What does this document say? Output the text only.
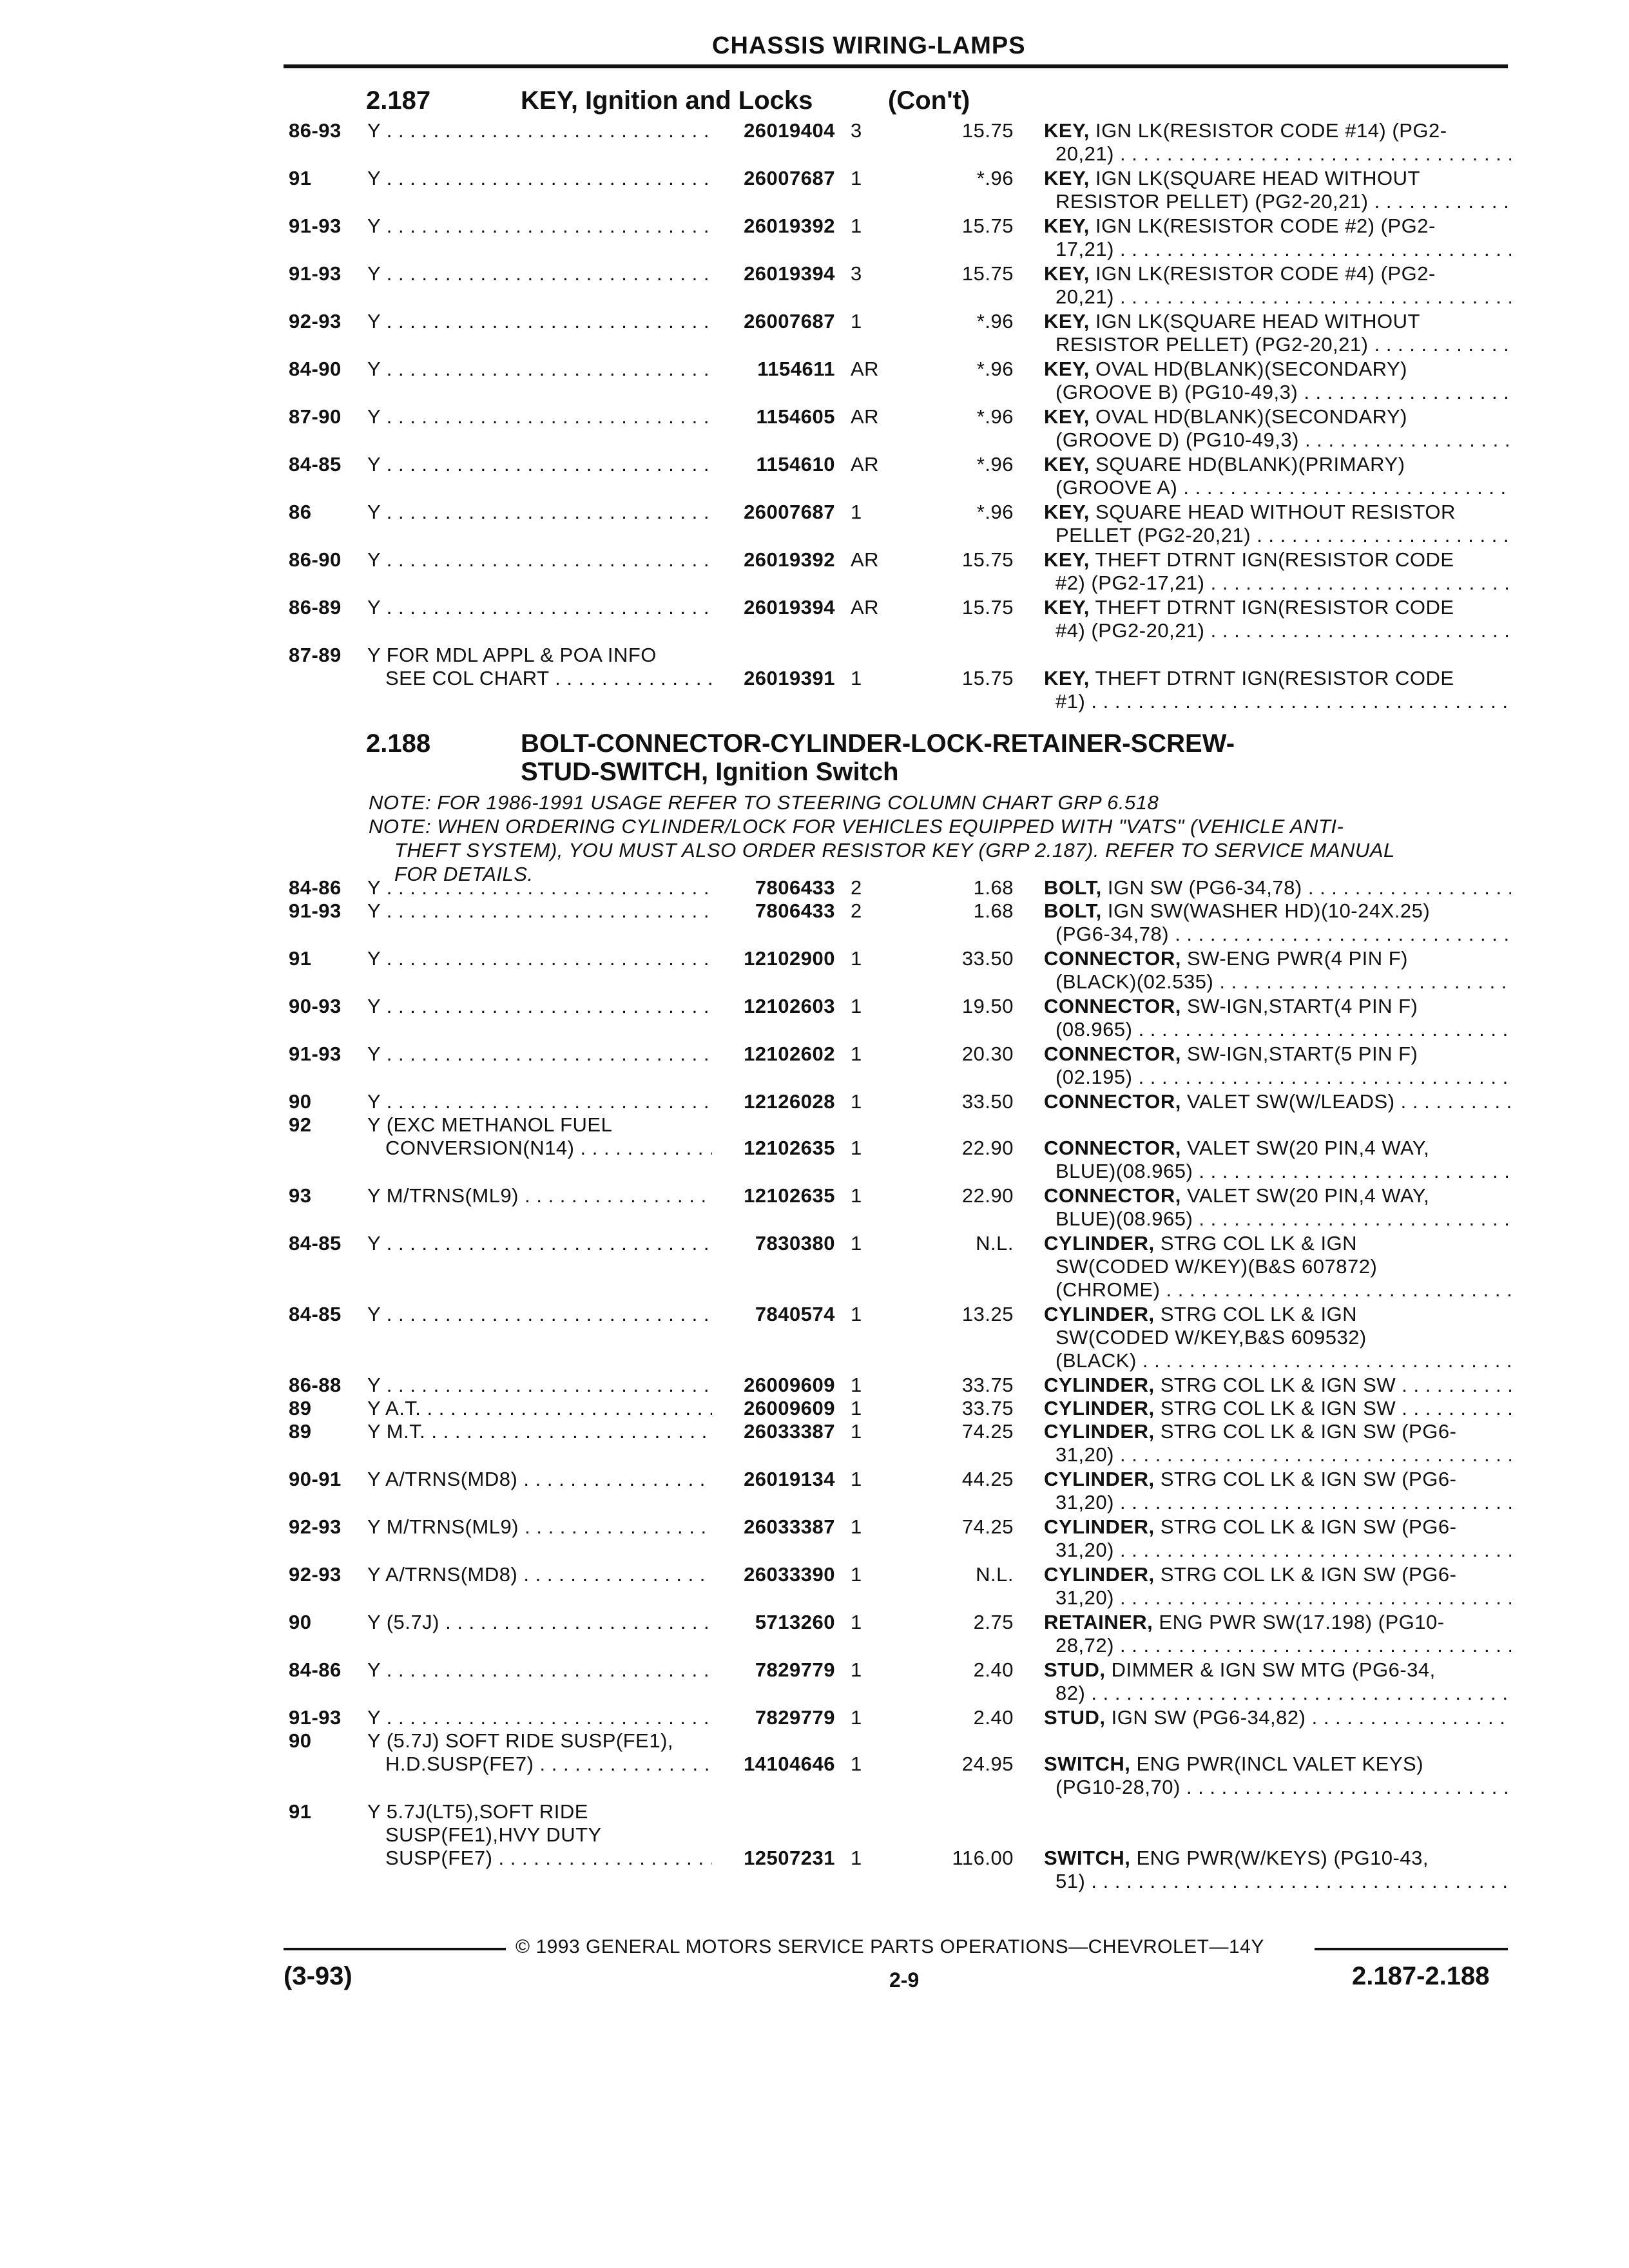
CHASSIS WIRING-LAMPS
2.187	KEY, Ignition and Locks	(Con't)
2.188	BOLT-CONNECTOR-CYLINDER-LOCK-RETAINER-SCREW-
STUD-SWITCH, Ignition Switch
NOTE: FOR 1986-1991 USAGE REFER TO STEERING COLUMN CHART GRP 6.518
NOTE: WHEN ORDERING CYLINDER/LOCK FOR VEHICLES EQUIPPED WITH "VATS" (VEHICLE ANTI-
THEFT SYSTEM), YOU MUST ALSO ORDER RESISTOR KEY (GRP 2.187). REFER TO SERVICE MANUAL
FOR DETAILS.
86-93 Y . . .	26019404 3	15.75 KEY, IGN LK(RESISTOR CODE #14) (PG2-
20,21) . . .
91	Y . . .	26007687 1	*.96 KEY, IGN LK(SQUARE HEAD WITHOUT
RESISTOR PELLET) (PG2-20,21) . . .
91-93 Y . . .	26019392 1	15.75 KEY, IGN LK(RESISTOR CODE #2) (PG2-
17,21) . . .
91-93 Y . . .	26019394 3	15.75 KEY, IGN LK(RESISTOR CODE #4) (PG2-
20,21) . . .
92-93 Y . . .	26007687 1	*.96 KEY, IGN LK(SQUARE HEAD WITHOUT
RESISTOR PELLET) (PG2-20,21) . . .
84-90 Y . . .	1154611 AR	*.96 KEY, OVAL HD(BLANK)(SECONDARY)
(GROOVE B) (PG10-49,3) . . .
87-90 Y . . .	1154605 AR	*.96 KEY, OVAL HD(BLANK)(SECONDARY)
(GROOVE D) (PG10-49,3) . . .
84-85 Y . . .	1154610 AR	*.96 KEY, SQUARE HD(BLANK)(PRIMARY)
(GROOVE A) . . .
86	Y . . .	26007687 1	*.96 KEY, SQUARE HEAD WITHOUT RESISTOR
PELLET (PG2-20,21) . . .
86-90 Y . . .	26019392 AR	15.75 KEY, THEFT DTRNT IGN(RESISTOR CODE
#2) (PG2-17,21) . . .
86-89 Y . . .	26019394 AR	15.75 KEY, THEFT DTRNT IGN(RESISTOR CODE
#4) (PG2-20,21) . . .
87-89 Y FOR MDL APPL & POA INFO
SEE COL CHART . . .	26019391 1	15.75 KEY, THEFT DTRNT IGN(RESISTOR CODE
#1) . . .
84-86 Y . . .	7806433 2	1.68 BOLT, IGN SW (PG6-34,78) . . .
91-93 Y . . .	7806433 2	1.68 BOLT, IGN SW(WASHER HD)(10-24X.25)
(PG6-34,78) . . .
91	Y . . .	12102900 1	33.50 CONNECTOR, SW-ENG PWR(4 PIN F)
(BLACK)(02.535) . . .
90-93 Y . . .	12102603 1	19.50 CONNECTOR, SW-IGN,START(4 PIN F)
(08.965) . . .
91-93 Y . . .	12102602 1	20.30 CONNECTOR, SW-IGN,START(5 PIN F)
(02.195) . . .
90	Y . . .	12126028 1	33.50 CONNECTOR, VALET SW(W/LEADS) . . .
92	Y (EXC METHANOL FUEL
CONVERSION(N14) . . .	12102635 1	22.90 CONNECTOR, VALET SW(20 PIN,4 WAY,
BLUE)(08.965) . . .
93	Y M/TRNS(ML9) . . .	12102635 1	22.90 CONNECTOR, VALET SW(20 PIN,4 WAY,
BLUE)(08.965) . . .
84-85 Y . . .	7830380 1	N.L. CYLINDER, STRG COL LK & IGN
SW(CODED W/KEY)(B&S 607872)
(CHROME) . . .
84-85 Y . . .	7840574 1	13.25 CYLINDER, STRG COL LK & IGN
SW(CODED W/KEY,B&S 609532)
(BLACK) . . .
86-88 Y . . .	26009609 1	33.75 CYLINDER, STRG COL LK & IGN SW . . .
89	Y A.T. . . .	26009609 1	33.75 CYLINDER, STRG COL LK & IGN SW . . .
89	Y M.T. . . .	26033387 1	74.25 CYLINDER, STRG COL LK & IGN SW (PG6-
31,20) . . .
90-91 Y A/TRNS(MD8) . . .	26019134 1	44.25 CYLINDER, STRG COL LK & IGN SW (PG6-
31,20) . . .
92-93 Y M/TRNS(ML9) . . .	26033387 1	74.25 CYLINDER, STRG COL LK & IGN SW (PG6-
31,20) . . .
92-93 Y A/TRNS(MD8) . . .	26033390 1	N.L. CYLINDER, STRG COL LK & IGN SW (PG6-
31,20) . . .
90	Y (5.7J) . . .	5713260 1	2.75 RETAINER, ENG PWR SW(17.198) (PG10-
28,72) . . .
84-86 Y . . .	7829779 1	2.40 STUD, DIMMER & IGN SW MTG (PG6-34,
82) . . .
91-93 Y . . .	7829779 1	2.40 STUD, IGN SW (PG6-34,82) . . .
90	Y (5.7J) SOFT RIDE SUSP(FE1),
H.D.SUSP(FE7) . . .	14104646 1	24.95 SWITCH, ENG PWR(INCL VALET KEYS)
(PG10-28,70) . . .
91	Y 5.7J(LT5),SOFT RIDE
SUSP(FE1),HVY DUTY
SUSP(FE7) . . .	12507231 1	116.00 SWITCH, ENG PWR(W/KEYS) (PG10-43,
51) . . .
© 1993 GENERAL MOTORS SERVICE PARTS OPERATIONS—CHEVROLET—14Y
(3-93)	2-9	2.187-2.188
